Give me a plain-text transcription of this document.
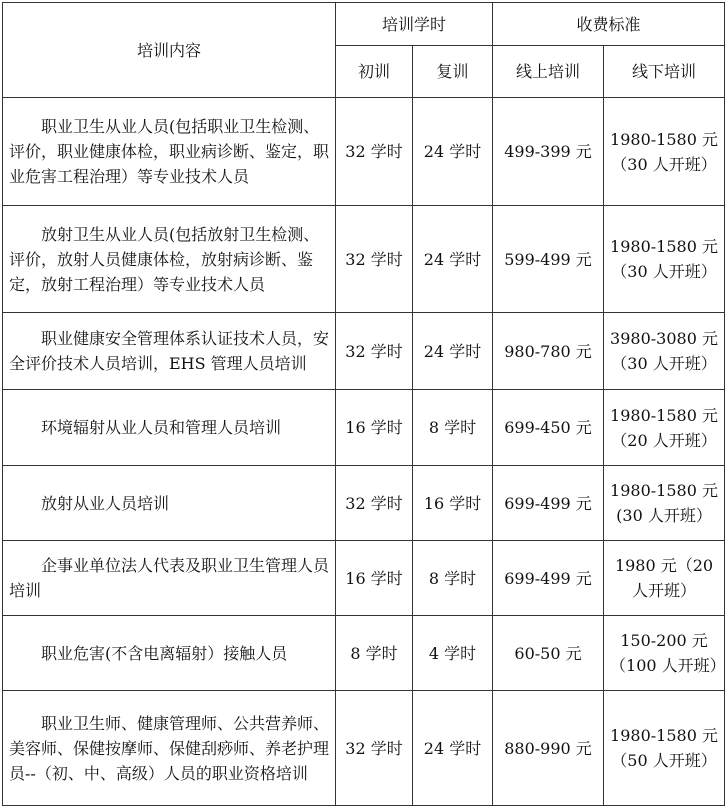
培训内容	培训学时		收费标准	
	初训	复训	线上培训	线下培训
职业卫生从业人员(包括职业卫生检测、评价，职业健康体检，职业病诊断、鉴定，职业危害工程治理）等专业技术人员	32 学时	24 学时	499-399 元	1980-1580 元（30 人开班）
放射卫生从业人员(包括放射卫生检测、评价，放射人员健康体检，放射病诊断、鉴定，放射工程治理）等专业技术人员	32 学时	24 学时	599-499 元	1980-1580 元（30 人开班）
职业健康安全管理体系认证技术人员，安全评价技术人员培训，EHS 管理人员培训	32 学时	24 学时	980-780 元	3980-3080 元（30 人开班）
环境辐射从业人员和管理人员培训	16 学时	8 学时	699-450 元	1980-1580 元（20 人开班）
放射从业人员培训	32 学时	16 学时	699-499 元	1980-1580 元(30 人开班）
企事业单位法人代表及职业卫生管理人员培训	16 学时	8 学时	699-499 元	1980 元（20 人开班）
职业危害(不含电离辐射）接触人员	8 学时	4 学时	60-50 元	150-200 元（100 人开班）
职业卫生师、健康管理师、公共营养师、美容师、保健按摩师、保健刮痧师、养老护理员--（初、中、高级）人员的职业资格培训	32 学时	24 学时	880-990 元	1980-1580 元（50 人开班）
